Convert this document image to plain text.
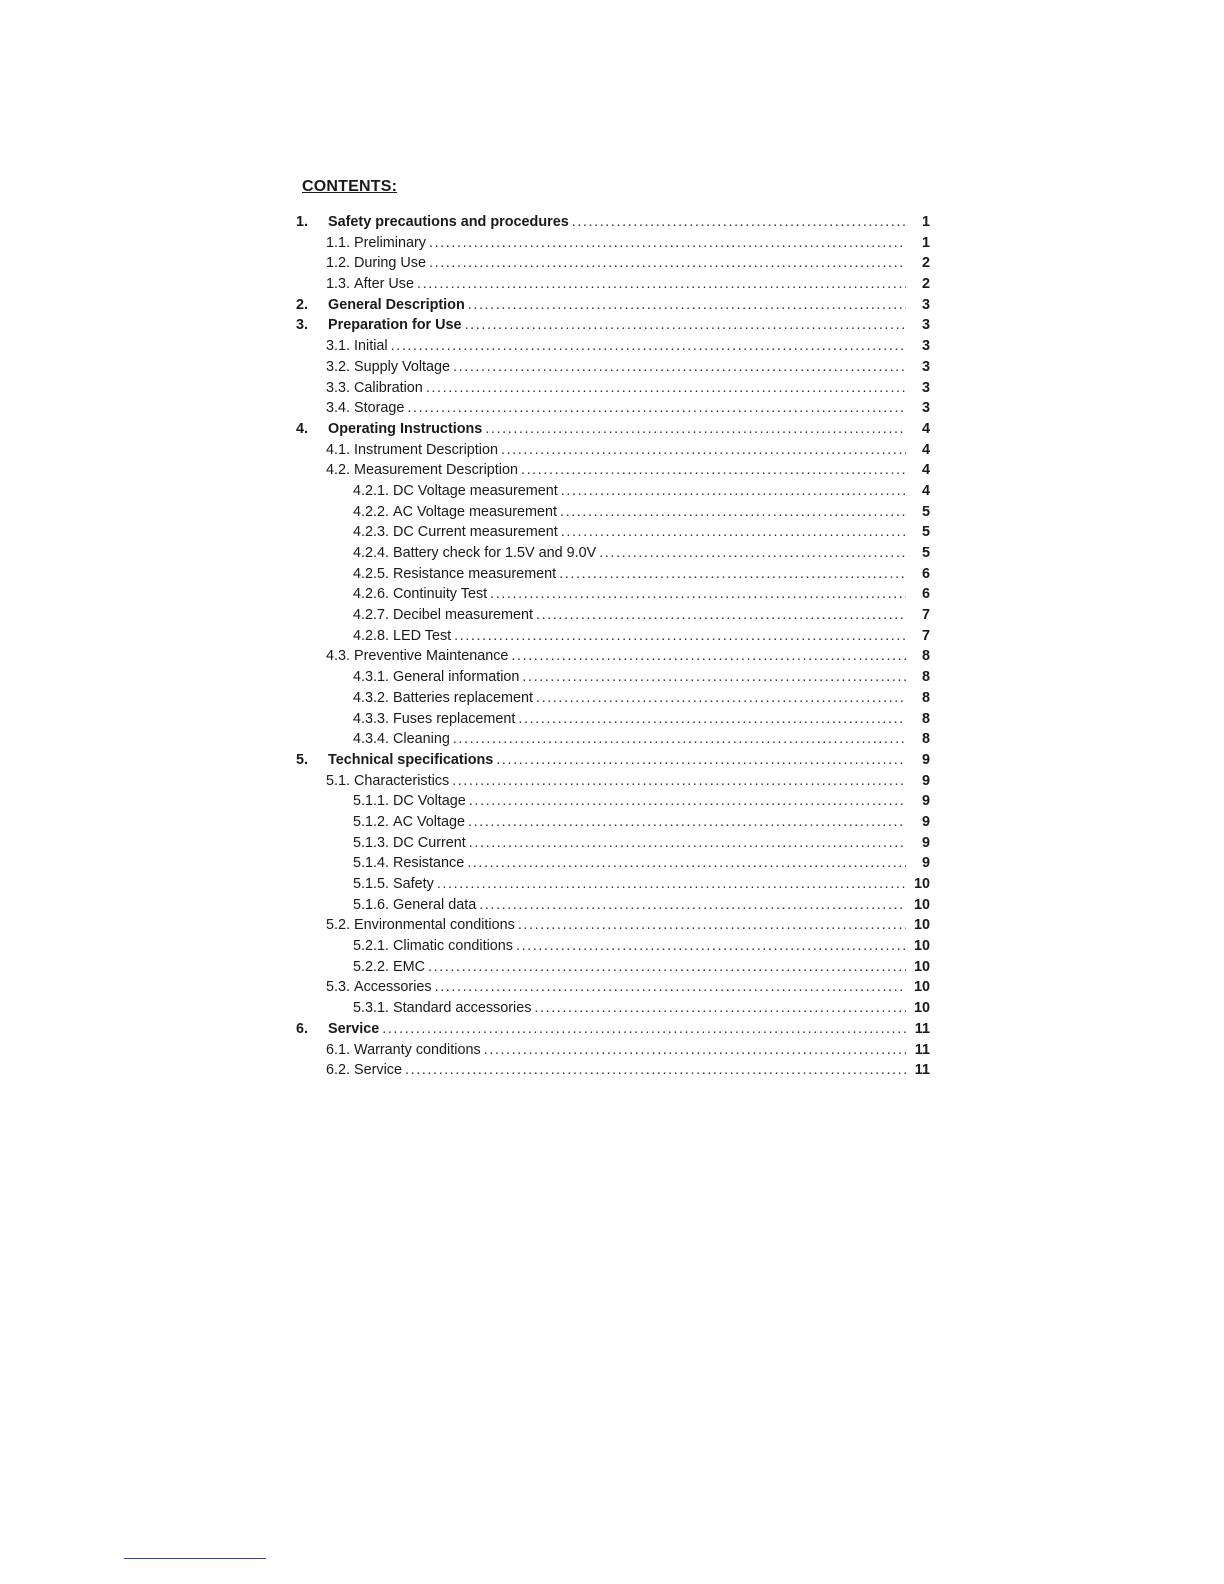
CONTENTS:
1.	Safety precautions and procedures .....	1
1.1. Preliminary .....	1
1.2. During Use .....	2
1.3. After Use .....	2
2.	General Description .....	3
3.	Preparation for Use .....	3
3.1. Initial .....	3
3.2. Supply Voltage .....	3
3.3. Calibration .....	3
3.4. Storage .....	3
4.	Operating Instructions .....	4
4.1. Instrument Description .....	4
4.2. Measurement Description .....	4
4.2.1. DC Voltage measurement .....	4
4.2.2. AC Voltage measurement .....	5
4.2.3. DC Current measurement .....	5
4.2.4. Battery check for 1.5V and 9.0V .....	5
4.2.5. Resistance measurement .....	6
4.2.6. Continuity Test .....	6
4.2.7. Decibel measurement .....	7
4.2.8. LED Test .....	7
4.3. Preventive Maintenance .....	8
4.3.1. General information .....	8
4.3.2. Batteries replacement .....	8
4.3.3. Fuses replacement .....	8
4.3.4. Cleaning .....	8
5.	Technical specifications .....	9
5.1. Characteristics .....	9
5.1.1. DC Voltage .....	9
5.1.2. AC Voltage .....	9
5.1.3. DC Current .....	9
5.1.4. Resistance .....	9
5.1.5. Safety .....	10
5.1.6. General data .....	10
5.2. Environmental conditions .....	10
5.2.1. Climatic conditions .....	10
5.2.2. EMC .....	10
5.3. Accessories .....	10
5.3.1. Standard accessories .....	10
6.	Service .....	11
6.1. Warranty conditions .....	11
6.2. Service .....	11
